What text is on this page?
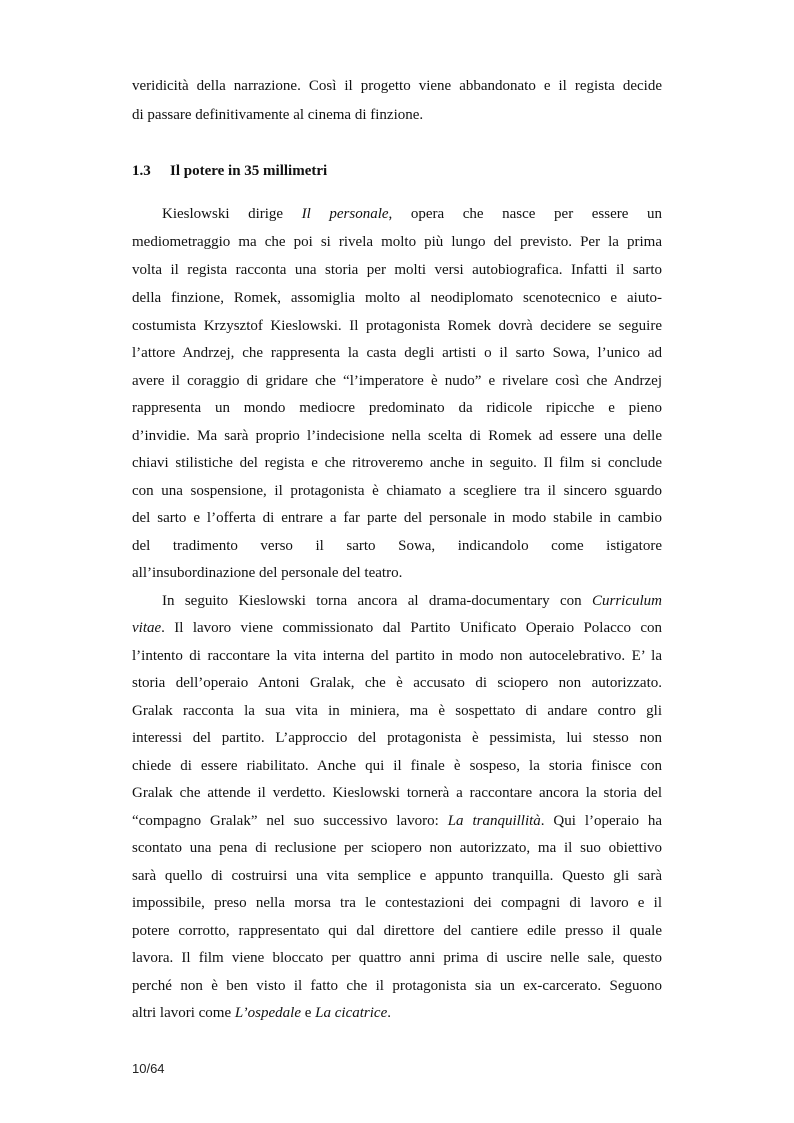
veridicità della narrazione. Così il progetto viene abbandonato e il regista decide
di passare definitivamente al cinema di finzione.
1.3 Il potere in 35 millimetri
Kieslowski dirige Il personale, opera che nasce per essere un
mediometraggio ma che poi si rivela molto più lungo del previsto. Per la prima
volta il regista racconta una storia per molti versi autobiografica. Infatti il sarto
della finzione, Romek, assomiglia molto al neodiplomato scenotecnico e aiuto-
costumista Krzysztof Kieslowski. Il protagonista Romek dovrà decidere se seguire
l’attore Andrzej, che rappresenta la casta degli artisti o il sarto Sowa, l’unico ad
avere il coraggio di gridare che “l’imperatore è nudo” e rivelare così che Andrzej
rappresenta un mondo mediocre predominato da ridicole ripicche e pieno
d’invidie. Ma sarà proprio l’indecisione nella scelta di Romek ad essere una delle
chiavi stilistiche del regista e che ritroveremo anche in seguito. Il film si conclude
con una sospensione, il protagonista è chiamato a scegliere tra il sincero sguardo
del sarto e l’offerta di entrare a far parte del personale in modo stabile in cambio
del tradimento verso il sarto Sowa, indicandolo come istigatore
all’insubordinazione del personale del teatro.
In seguito Kieslowski torna ancora al drama-documentary con Curriculum
vitae. Il lavoro viene commissionato dal Partito Unificato Operaio Polacco con
l’intento di raccontare la vita interna del partito in modo non autocelebrativo. E’ la
storia dell’operaio Antoni Gralak, che è accusato di sciopero non autorizzato.
Gralak racconta la sua vita in miniera, ma è sospettato di andare contro gli
interessi del partito. L’approccio del protagonista è pessimista, lui stesso non
chiede di essere riabilitato. Anche qui il finale è sospeso, la storia finisce con
Gralak che attende il verdetto. Kieslowski tornerà a raccontare ancora la storia del
“compagno Gralak” nel suo successivo lavoro: La tranquillità. Qui l’operaio ha
scontato una pena di reclusione per sciopero non autorizzato, ma il suo obiettivo
sarà quello di costruirsi una vita semplice e appunto tranquilla. Questo gli sarà
impossibile, preso nella morsa tra le contestazioni dei compagni di lavoro e il
potere corrotto, rappresentato qui dal direttore del cantiere edile presso il quale
lavora. Il film viene bloccato per quattro anni prima di uscire nelle sale, questo
perché non è ben visto il fatto che il protagonista sia un ex-carcerato. Seguono
altri lavori come L’ospedale e La cicatrice.
10/64
